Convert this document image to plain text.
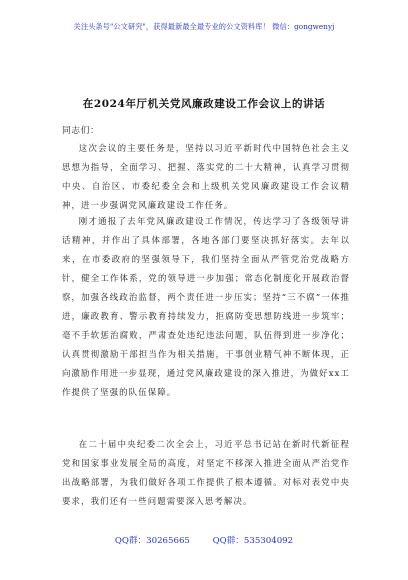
关注头条号"公文研究"，获得最新最全最专业的公文资料库！ 微信：gongwenyj
在2024年厅机关党风廉政建设工作会议上的讲话
同志们：

这次会议的主要任务是，坚持以习近平新时代中国特色社会主义思想为指导，全面学习、把握、落实党的二十大精神，认真学习贯彻中央、自治区、市委纪委全会和上级机关党风廉政建设工作会议精神，进一步强调党风廉政建设工作任务。

刚才通报了去年党风廉政建设工作情况，传达学习了各级领导讲话精神，并作出了具体部署，各地各部门要坚决抓好落实。去年以来，在市委政府的坚强领导下，我们坚持全面从严管党治党战略方针，健全工作体系，党的领导进一步加强；常态化制度化开展政治督察，加强各线政治监督，两个责任进一步压实；坚持“三不腐”一体推进，廉政教育、警示教育持续发力，拒腐防变思想防线进一步筑牢；毫不手软惩治腐败，严肃查处违纪违法问题，队伍得到进一步净化；认真贯彻激励干部担当作为相关措施，干事创业精气神不断体现，正向激励作用进一步显现，通过党风廉政建设的深入推进，为做好xx工作提供了坚强的队伍保障。

在二十届中央纪委二次全会上，习近平总书记站在新时代新征程党和国家事业发展全局的高度，对坚定不移深入推进全面从严治党作出战略部署，为我们做好各项工作提供了根本遵循。对标对表党中央要求，我们还有一些问题需要深入思考解决。

QQ群：30265665	QQ群：535304092
